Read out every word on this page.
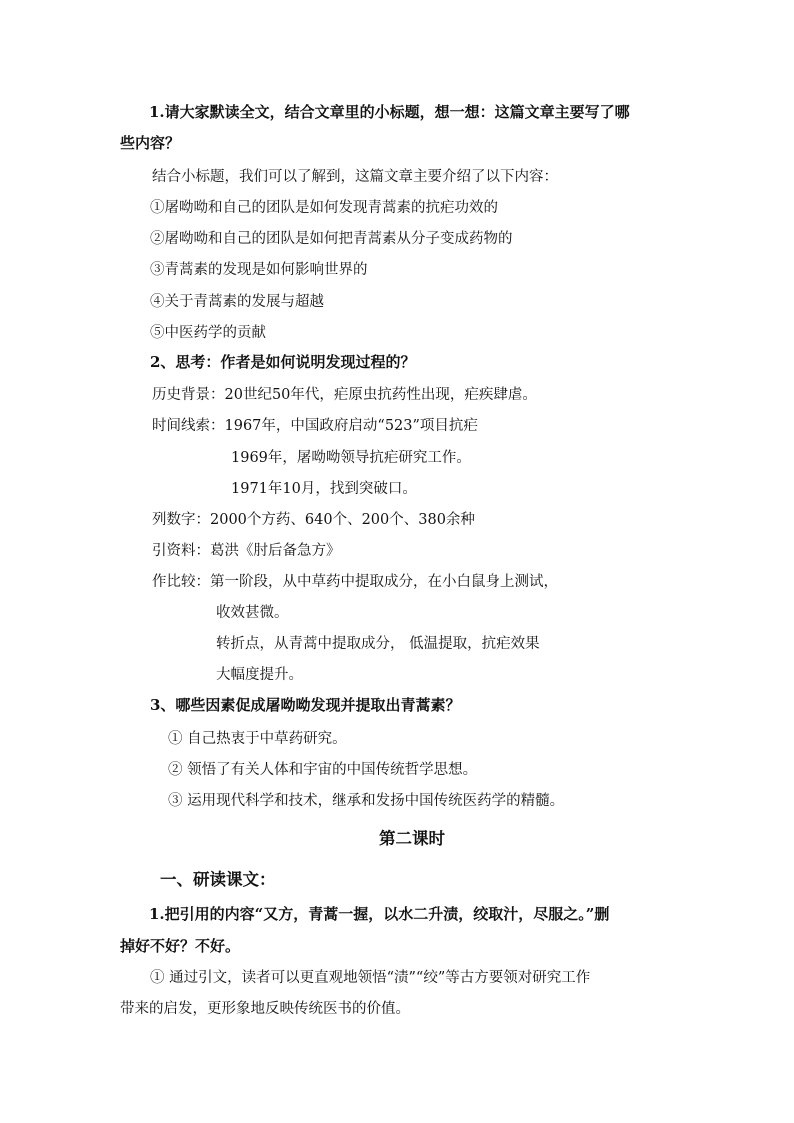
1.请大家默读全文，结合文章里的小标题，想一想：这篇文章主要写了哪
些内容？
结合小标题，我们可以了解到，这篇文章主要介绍了以下内容：
①屠呦呦和自己的团队是如何发现青蒿素的抗疟功效的
②屠呦呦和自己的团队是如何把青蒿素从分子变成药物的
③青蒿素的发现是如何影响世界的
④关于青蒿素的发展与超越
⑤中医药学的贡献
2、思考：作者是如何说明发现过程的？
历史背景：20世纪50年代，疟原虫抗药性出现，疟疾肆虐。
时间线索：1967年，中国政府启动“523”项目抗疟
1969年，屠呦呦领导抗疟研究工作。
1971年10月，找到突破口。
列数字：2000个方药、640个、200个、380余种
引资料：葛洪《肘后备急方》
作比较：第一阶段，从中草药中提取成分，在小白鼠身上测试，
收效甚微。
转折点，从青蒿中提取成分， 低温提取，抗疟效果
大幅度提升。
3、哪些因素促成屠呦呦发现并提取出青蒿素？
① 自己热衷于中草药研究。
② 领悟了有关人体和宇宙的中国传统哲学思想。
③ 运用现代科学和技术，继承和发扬中国传统医药学的精髓。
第二课时
一、研读课文：
1.把引用的内容“又方，青蒿一握，以水二升渍，绞取汁，尽服之。”删
掉好不好？不好。
① 通过引文，读者可以更直观地领悟“渍”“绞”等古方要领对研究工作
带来的启发，更形象地反映传统医书的价值。
